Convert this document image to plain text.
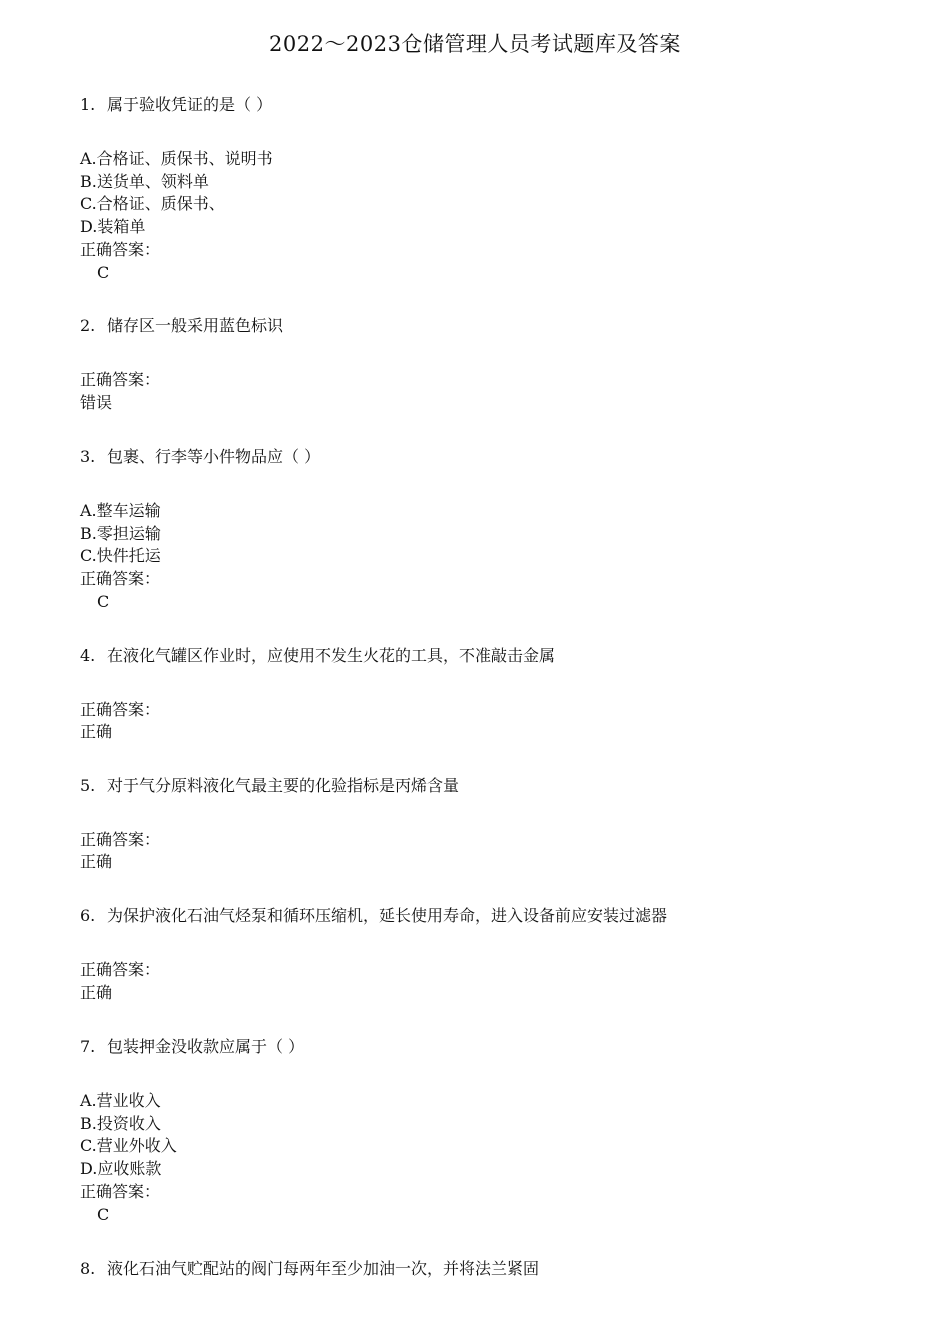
2022～2023仓储管理人员考试题库及答案
1. 属于验收凭证的是（ ）
A.合格证、质保书、说明书
B.送货单、领料单
C.合格证、质保书、
D.装箱单
正确答案：
C
2. 储存区一般采用蓝色标识
正确答案：
错误
3. 包裹、行李等小件物品应（ ）
A.整车运输
B.零担运输
C.快件托运
正确答案：
C
4. 在液化气罐区作业时，应使用不发生火花的工具，不准敲击金属
正确答案：
正确
5. 对于气分原料液化气最主要的化验指标是丙烯含量
正确答案：
正确
6. 为保护液化石油气烃泵和循环压缩机，延长使用寿命，进入设备前应安装过滤器
正确答案：
正确
7. 包装押金没收款应属于（ ）
A.营业收入
B.投资收入
C.营业外收入
D.应收账款
正确答案：
C
8. 液化石油气贮配站的阀门每两年至少加油一次，并将法兰紧固
